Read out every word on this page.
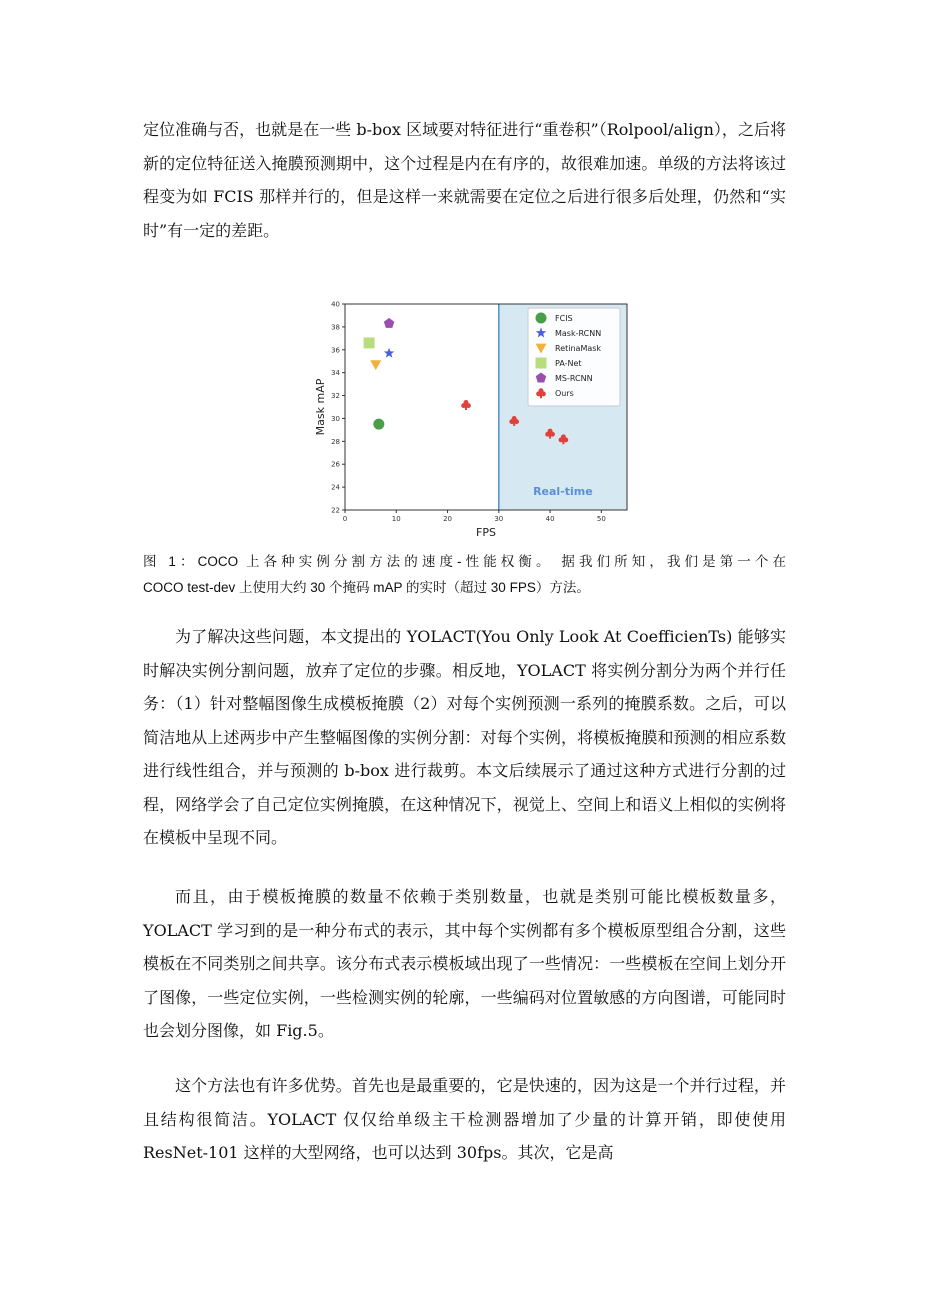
定位准确与否，也就是在一些 b-box 区域要对特征进行“重卷积”（Rolpool/align），之后将新的定位特征送入掩膜预测期中，这个过程是内在有序的，故很难加速。单级的方法将该过程变为如 FCIS 那样并行的，但是这样一来就需要在定位之后进行很多后处理，仍然和“实时”有一定的差距。

Real-time
0	10	20	30	40	50
22
24
26
28
30
32
34
36
38
40
FCIS
Mask-RCNN
RetinaMask
PA-Net
MS-RCNN
Ours
FPS
Mask mAP
图 1：COCO 上各种实例分割方法的速度-性能权衡。 据我们所知，我们是第一个在
COCO test-dev 上使用大约 30 个掩码 mAP 的实时（超过 30 FPS）方法。

为了解决这些问题，本文提出的 YOLACT(You Only Look At CoefficienTs) 能够实时解决实例分割问题，放弃了定位的步骤。相反地，YOLACT 将实例分割分为两个并行任务：（1）针对整幅图像生成模板掩膜（2）对每个实例预测一系列的掩膜系数。之后，可以简洁地从上述两步中产生整幅图像的实例分割：对每个实例，将模板掩膜和预测的相应系数进行线性组合，并与预测的 b-box 进行裁剪。本文后续展示了通过这种方式进行分割的过程，网络学会了自己定位实例掩膜，在这种情况下，视觉上、空间上和语义上相似的实例将在模板中呈现不同。

而且，由于模板掩膜的数量不依赖于类别数量，也就是类别可能比模板数量多，YOLACT 学习到的是一种分布式的表示，其中每个实例都有多个模板原型组合分割，这些模板在不同类别之间共享。该分布式表示模板域出现了一些情况：一些模板在空间上划分开了图像，一些定位实例，一些检测实例的轮廓，一些编码对位置敏感的方向图谱，可能同时也会划分图像，如 Fig.5。

这个方法也有许多优势。首先也是最重要的，它是快速的，因为这是一个并行过程，并且结构很简洁。YOLACT 仅仅给单级主干检测器增加了少量的计算开销，即使使用 ResNet-101 这样的大型网络，也可以达到 30fps。其次，它是高
